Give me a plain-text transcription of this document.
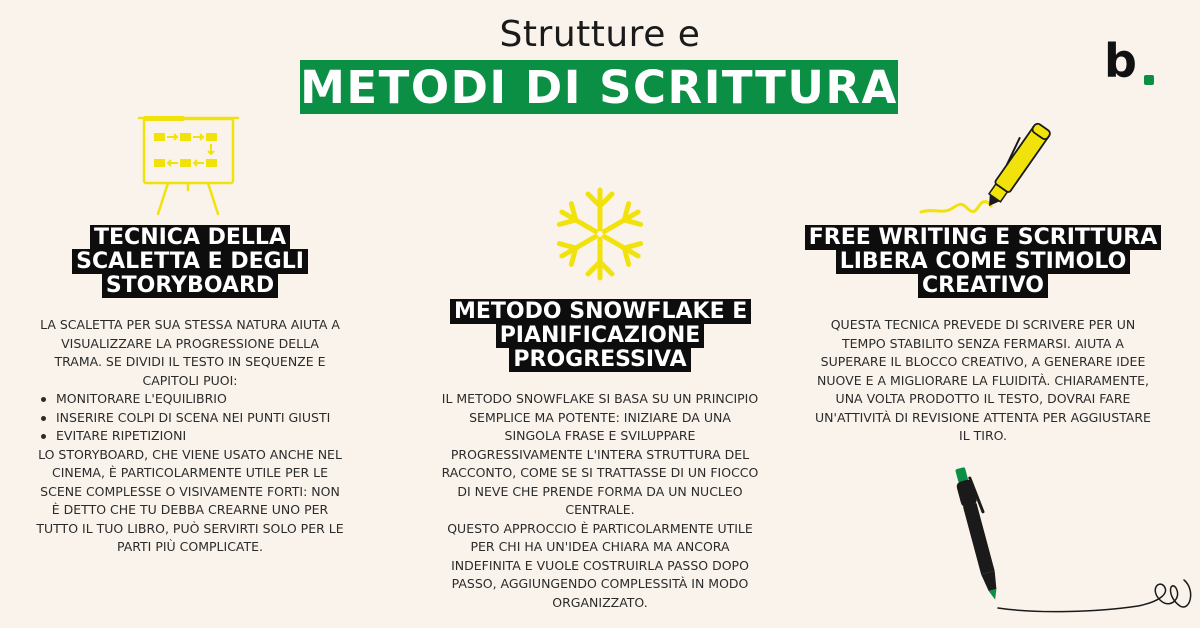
Strutture e
METODI DI SCRITTURA	b
TECNICA DELLA SCALETTA E DEGLI STORYBOARD
LA SCALETTA PER SUA STESSA NATURA AIUTA A VISUALIZZARE LA PROGRESSIONE DELLA TRAMA. SE DIVIDI IL TESTO IN SEQUENZE E CAPITOLI PUOI:
MONITORARE L'EQUILIBRIO
INSERIRE COLPI DI SCENA NEI PUNTI GIUSTI
EVITARE RIPETIZIONI
LO STORYBOARD, CHE VIENE USATO ANCHE NEL CINEMA, È PARTICOLARMENTE UTILE PER LE SCENE COMPLESSE O VISIVAMENTE FORTI: NON È DETTO CHE TU DEBBA CREARNE UNO PER TUTTO IL TUO LIBRO, PUÒ SERVIRTI SOLO PER LE PARTI PIÙ COMPLICATE.
METODO SNOWFLAKE E PIANIFICAZIONE PROGRESSIVA
IL METODO SNOWFLAKE SI BASA SU UN PRINCIPIO SEMPLICE MA POTENTE: INIZIARE DA UNA SINGOLA FRASE E SVILUPPARE PROGRESSIVAMENTE L'INTERA STRUTTURA DEL RACCONTO, COME SE SI TRATTASSE DI UN FIOCCO DI NEVE CHE PRENDE FORMA DA UN NUCLEO CENTRALE.
QUESTO APPROCCIO È PARTICOLARMENTE UTILE PER CHI HA UN'IDEA CHIARA MA ANCORA INDEFINITA E VUOLE COSTRUIRLA PASSO DOPO PASSO, AGGIUNGENDO COMPLESSITÀ IN MODO ORGANIZZATO.
FREE WRITING E SCRITTURA LIBERA COME STIMOLO CREATIVO
QUESTA TECNICA PREVEDE DI SCRIVERE PER UN TEMPO STABILITO SENZA FERMARSI. AIUTA A SUPERARE IL BLOCCO CREATIVO, A GENERARE IDEE NUOVE E A MIGLIORARE LA FLUIDITÀ. CHIARAMENTE, UNA VOLTA PRODOTTO IL TESTO, DOVRAI FARE UN'ATTIVITÀ DI REVISIONE ATTENTA PER AGGIUSTARE IL TIRO.
